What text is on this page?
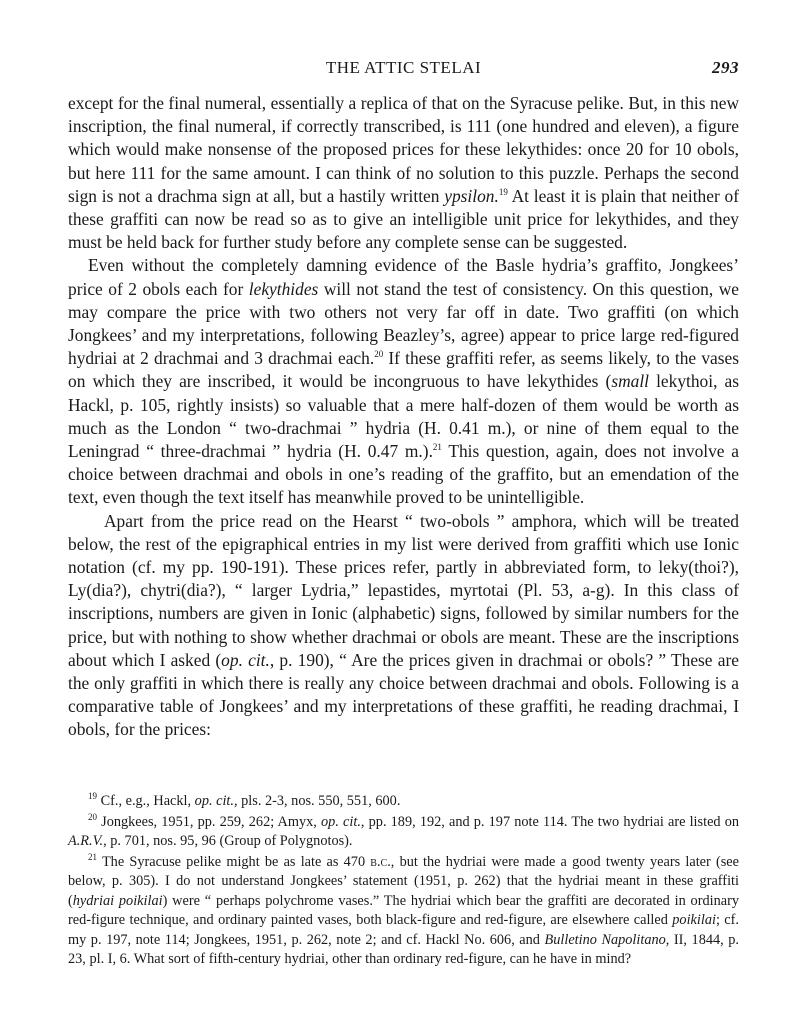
THE ATTIC STELAI	293

except for the final numeral, essentially a replica of that on the Syracuse pelike. But, in this new inscription, the final numeral, if correctly transcribed, is 111 (one hundred and eleven), a figure which would make nonsense of the proposed prices for these lekythides: once 20 for 10 obols, but here 111 for the same amount. I can think of no solution to this puzzle. Perhaps the second sign is not a drachma sign at all, but a hastily written ypsilon.$^{19}$ At least it is plain that neither of these graffiti can now be read so as to give an intelligible unit price for lekythides, and they must be held back for further study before any complete sense can be suggested.

Even without the completely damning evidence of the Basle hydria’s graffito, Jongkees’ price of 2 obols each for lekythides will not stand the test of consistency. On this question, we may compare the price with two others not very far off in date. Two graffiti (on which Jongkees’ and my interpretations, following Beazley’s, agree) appear to price large red-figured hydriai at 2 drachmai and 3 drachmai each.$^{20}$ If these graffiti refer, as seems likely, to the vases on which they are inscribed, it would be incongruous to have lekythides (small lekythoi, as Hackl, p. 105, rightly insists) so valuable that a mere half-dozen of them would be worth as much as the London “ two-drachmai ” hydria (H. 0.41 m.), or nine of them equal to the Leningrad “ three-drachmai ” hydria (H. 0.47 m.).$^{21}$ This question, again, does not involve a choice between drachmai and obols in one’s reading of the graffito, but an emendation of the text, even though the text itself has meanwhile proved to be unintelligible.

Apart from the price read on the Hearst “ two-obols ” amphora, which will be treated below, the rest of the epigraphical entries in my list were derived from graffiti which use Ionic notation (cf. my pp. 190-191). These prices refer, partly in abbreviated form, to leky(thoi?), Ly(dia?), chytri(dia?), “ larger Lydria,” lepastides, myrtotai (Pl. 53, a-g). In this class of inscriptions, numbers are given in Ionic (alphabetic) signs, followed by similar numbers for the price, but with nothing to show whether drachmai or obols are meant. These are the inscriptions about which I asked (op. cit., p. 190), “ Are the prices given in drachmai or obols? ” These are the only graffiti in which there is really any choice between drachmai and obols. Following is a comparative table of Jongkees’ and my interpretations of these graffiti, he reading drachmai, I obols, for the prices:

$^{19}$ Cf., e.g., Hackl, op. cit., pls. 2-3, nos. 550, 551, 600.

$^{20}$ Jongkees, 1951, pp. 259, 262; Amyx, op. cit., pp. 189, 192, and p. 197 note 114. The two hydriai are listed on A.R.V., p. 701, nos. 95, 96 (Group of Polygnotos).

$^{21}$ The Syracuse pelike might be as late as 470 b.c., but the hydriai were made a good twenty years later (see below, p. 305). I do not understand Jongkees’ statement (1951, p. 262) that the hydriai meant in these graffiti (hydriai poikilai) were “ perhaps polychrome vases.” The hydriai which bear the graffiti are decorated in ordinary red-figure technique, and ordinary painted vases, both black-figure and red-figure, are elsewhere called poikilai; cf. my p. 197, note 114; Jongkees, 1951, p. 262, note 2; and cf. Hackl No. 606, and Bulletino Napolitano, II, 1844, p. 23, pl. I, 6. What sort of fifth-century hydriai, other than ordinary red-figure, can he have in mind?
